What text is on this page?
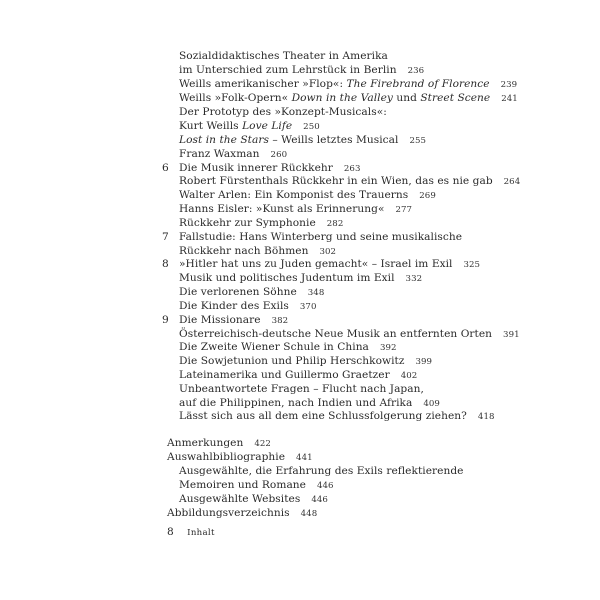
Sozialdidaktisches Theater in Amerika
im Unterschied zum Lehrstück in Berlin 236
Weills amerikanischer »Flop«: The Firebrand of Florence 239
Weills »Folk-Opern« Down in the Valley und Street Scene 241
Der Prototyp des »Konzept-Musicals«:
Kurt Weills Love Life 250
Lost in the Stars – Weills letztes Musical 255
Franz Waxman 260
6 Die Musik innerer Rückkehr 263
Robert Fürstenthals Rückkehr in ein Wien, das es nie gab 264
Walter Arlen: Ein Komponist des Trauerns 269
Hanns Eisler: »Kunst als Erinnerung« 277
Rückkehr zur Symphonie 282
7 Fallstudie: Hans Winterberg und seine musikalische
Rückkehr nach Böhmen 302
8 »Hitler hat uns zu Juden gemacht« – Israel im Exil 325
Musik und politisches Judentum im Exil 332
Die verlorenen Söhne 348
Die Kinder des Exils 370
9 Die Missionare 382
Österreichisch-deutsche Neue Musik an entfernten Orten 391
Die Zweite Wiener Schule in China 392
Die Sowjetunion und Philip Herschkowitz 399
Lateinamerika und Guillermo Graetzer 402
Unbeantwortete Fragen – Flucht nach Japan,
auf die Philippinen, nach Indien und Afrika 409
Lässt sich aus all dem eine Schlussfolgerung ziehen? 418
Anmerkungen 422
Auswahlbibliographie 441
Ausgewählte, die Erfahrung des Exils reflektierende
Memoiren und Romane 446
Ausgewählte Websites 446
Abbildungsverzeichnis 448
8 Inhalt
